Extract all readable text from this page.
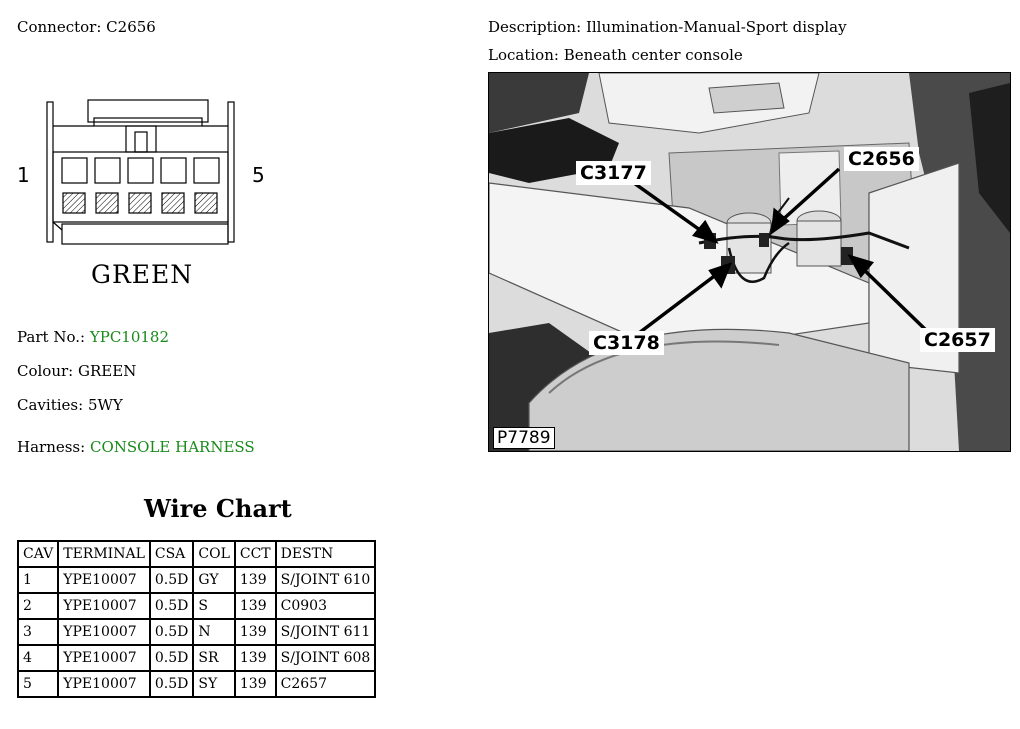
Connector: C2656	Description: Illumination-Manual-Sport display
Location: Beneath center console
1	5
GREEN
Part No.: YPC10182
Colour: GREEN
Cavities: 5WY
Harness: CONSOLE HARNESS
C3177
C2656
C3178	C2657
P7789
Wire Chart
CAV	TERMINAL	CSA	COL	CCT	DESTN
1	YPE10007	0.5D	GY	139	S/JOINT 610
2	YPE10007	0.5D	S	139	C0903
3	YPE10007	0.5D	N	139	S/JOINT 611
4	YPE10007	0.5D	SR	139	S/JOINT 608
5	YPE10007	0.5D	SY	139	C2657
